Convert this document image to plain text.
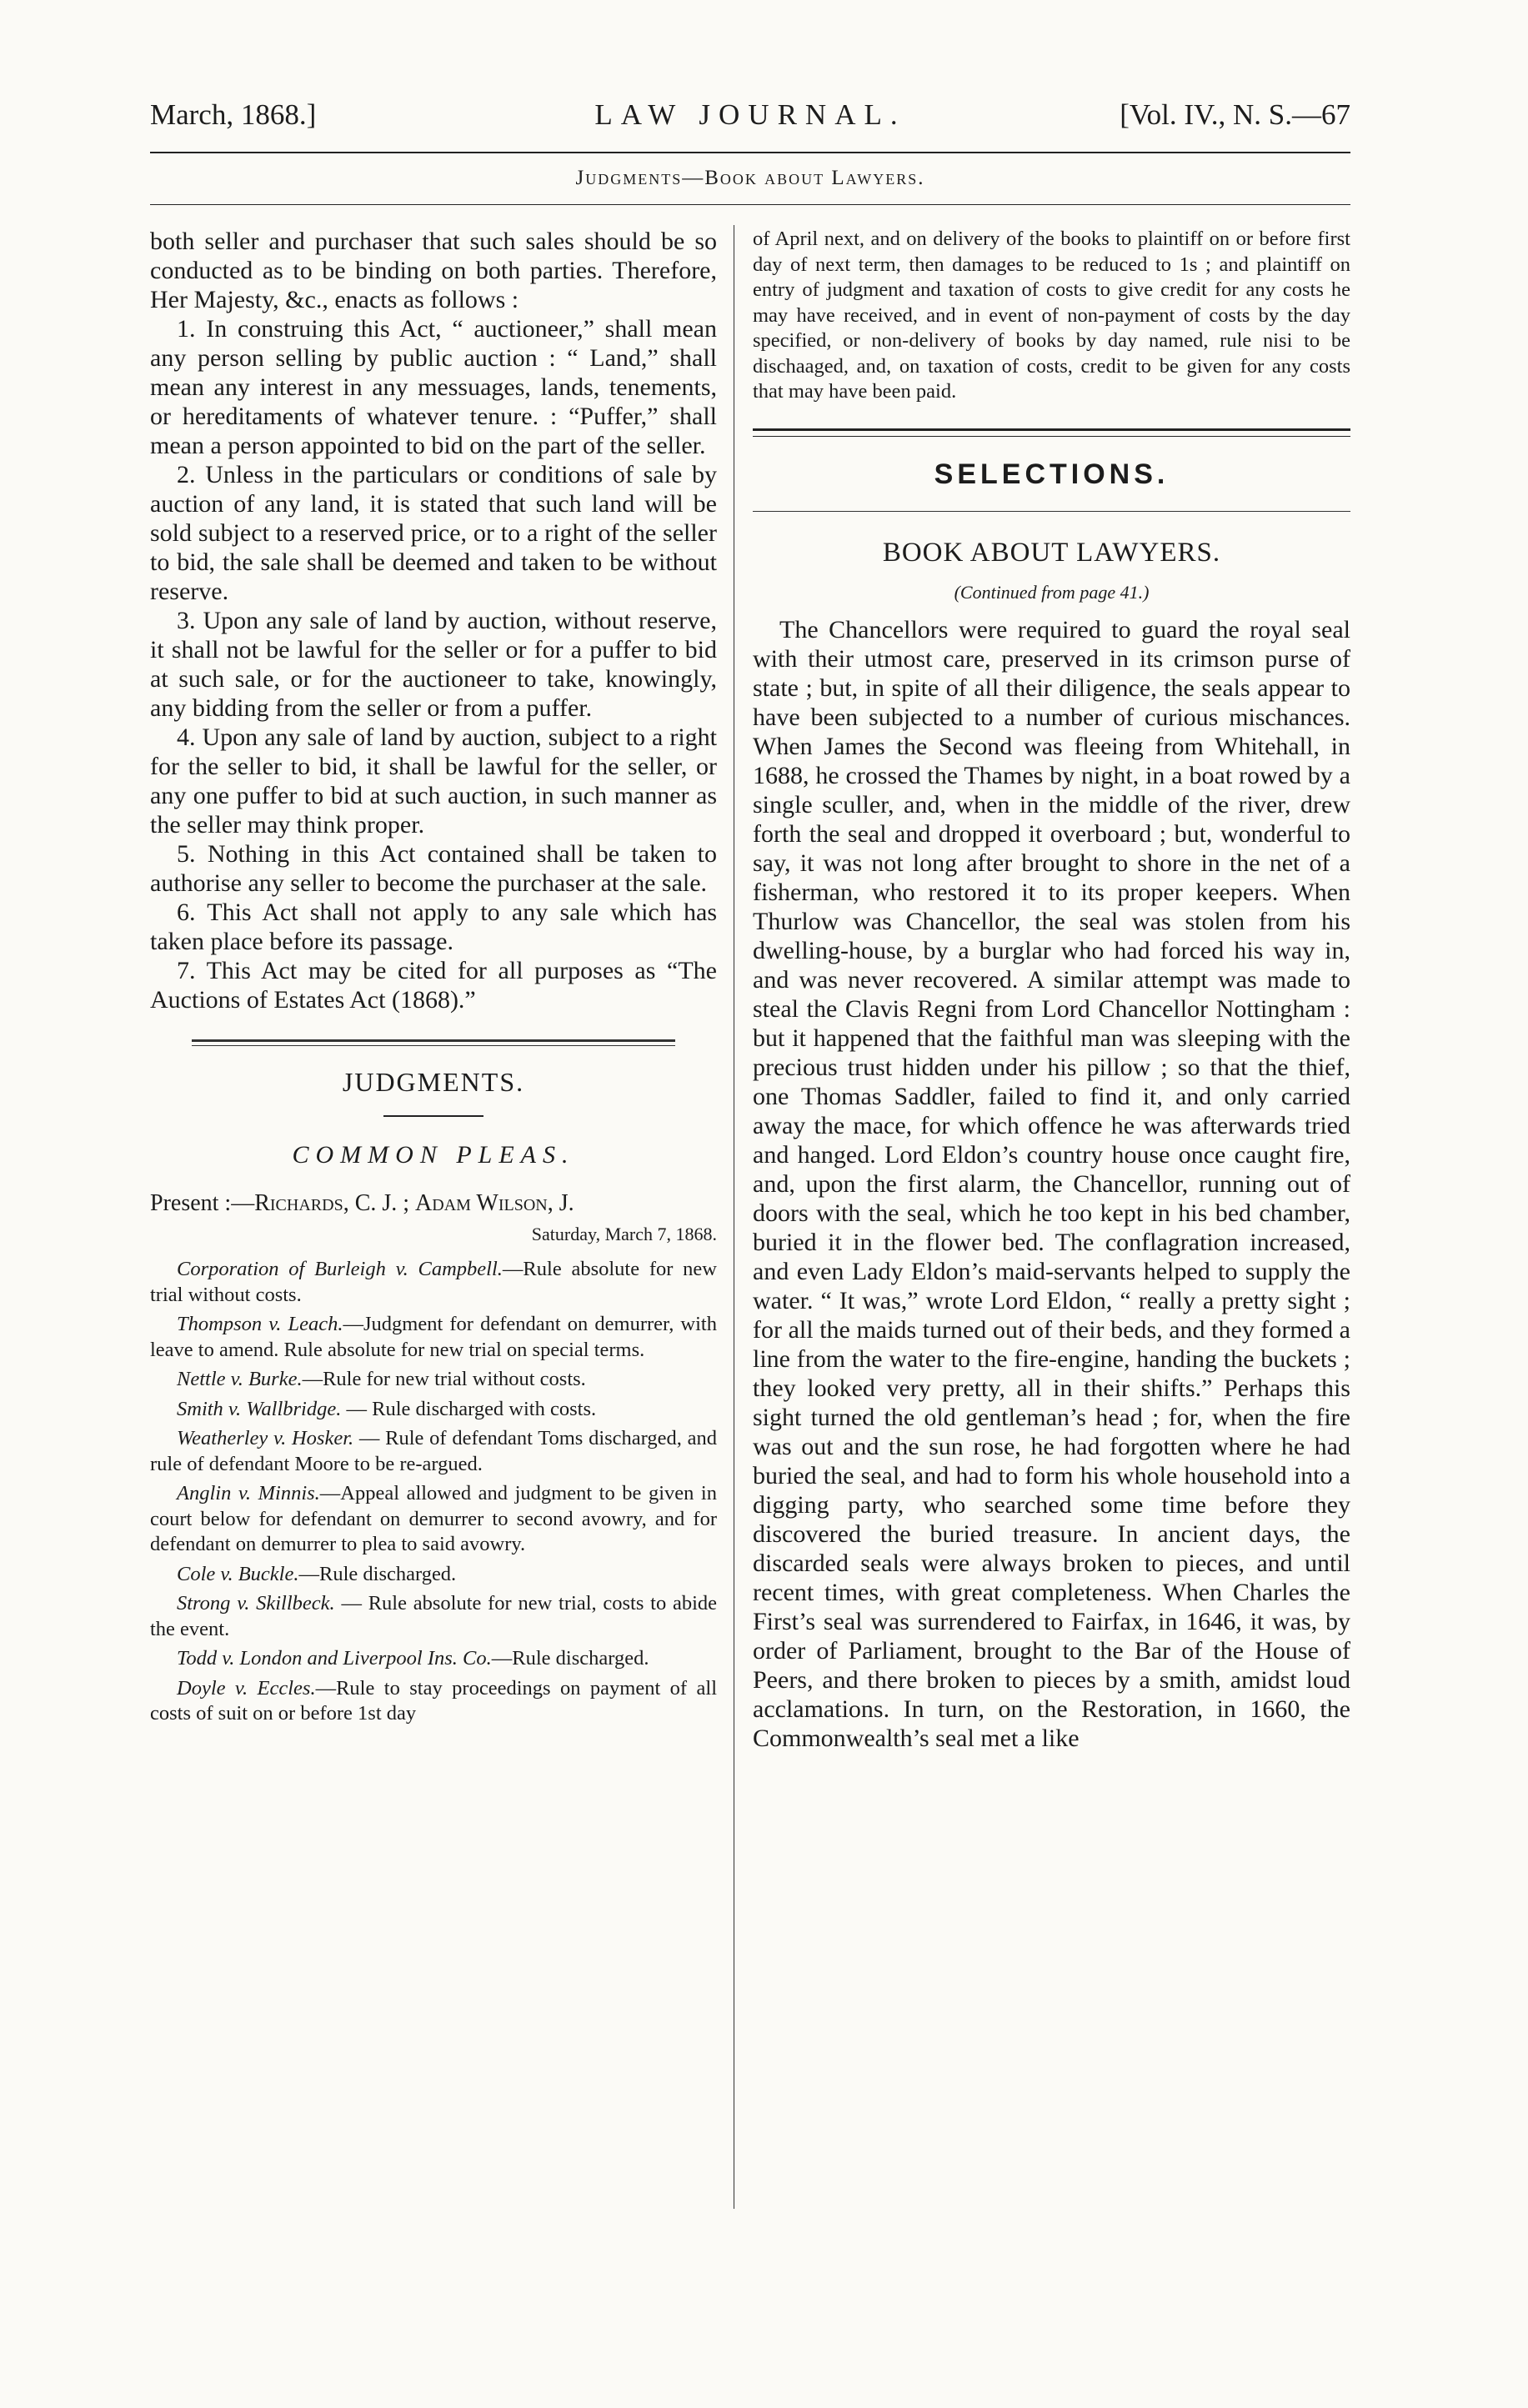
March, 1868.]	LAW JOURNAL.	[Vol. IV., N. S.—67
Judgments—Book about Lawyers.

both seller and purchaser that such sales should be so conducted as to be binding on both parties. Therefore, Her Majesty, &c., enacts as follows :

1. In construing this Act, “ auctioneer,” shall mean any person selling by public auction : “ Land,” shall mean any interest in any messuages, lands, tenements, or hereditaments of whatever tenure. : “Puffer,” shall mean a person appointed to bid on the part of the seller.

2. Unless in the particulars or conditions of sale by auction of any land, it is stated that such land will be sold subject to a reserved price, or to a right of the seller to bid, the sale shall be deemed and taken to be without reserve.

3. Upon any sale of land by auction, without reserve, it shall not be lawful for the seller or for a puffer to bid at such sale, or for the auctioneer to take, knowingly, any bidding from the seller or from a puffer.

4. Upon any sale of land by auction, subject to a right for the seller to bid, it shall be lawful for the seller, or any one puffer to bid at such auction, in such manner as the seller may think proper.

5. Nothing in this Act contained shall be taken to authorise any seller to become the purchaser at the sale.

6. This Act shall not apply to any sale which has taken place before its passage.

7. This Act may be cited for all purposes as “The Auctions of Estates Act (1868).”

JUDGMENTS.
COMMON PLEAS.

Present :—Richards, C. J. ; Adam Wilson, J.

Saturday, March 7, 1868.

Corporation of Burleigh v. Campbell.—Rule absolute for new trial without costs.

Thompson v. Leach.—Judgment for defendant on demurrer, with leave to amend. Rule absolute for new trial on special terms.

Nettle v. Burke.—Rule for new trial without costs.

Smith v. Wallbridge. — Rule discharged with costs.

Weatherley v. Hosker. — Rule of defendant Toms discharged, and rule of defendant Moore to be re-argued.

Anglin v. Minnis.—Appeal allowed and judgment to be given in court below for defendant on demurrer to second avowry, and for defendant on demurrer to plea to said avowry.

Cole v. Buckle.—Rule discharged.

Strong v. Skillbeck. — Rule absolute for new trial, costs to abide the event.

Todd v. London and Liverpool Ins. Co.—Rule discharged.

Doyle v. Eccles.—Rule to stay proceedings on payment of all costs of suit on or before 1st day

of April next, and on delivery of the books to plaintiff on or before first day of next term, then damages to be reduced to 1s ; and plaintiff on entry of judgment and taxation of costs to give credit for any costs he may have received, and in event of non-payment of costs by the day specified, or non-delivery of books by day named, rule nisi to be dischaaged, and, on taxation of costs, credit to be given for any costs that may have been paid.

SELECTIONS.
BOOK ABOUT LAWYERS.
(Continued from page 41.)

The Chancellors were required to guard the royal seal with their utmost care, preserved in its crimson purse of state ; but, in spite of all their diligence, the seals appear to have been subjected to a number of curious mischances. When James the Second was fleeing from Whitehall, in 1688, he crossed the Thames by night, in a boat rowed by a single sculler, and, when in the middle of the river, drew forth the seal and dropped it overboard ; but, wonderful to say, it was not long after brought to shore in the net of a fisherman, who restored it to its proper keepers. When Thurlow was Chancellor, the seal was stolen from his dwelling-house, by a burglar who had forced his way in, and was never recovered. A similar attempt was made to steal the Clavis Regni from Lord Chancellor Nottingham : but it happened that the faithful man was sleeping with the precious trust hidden under his pillow ; so that the thief, one Thomas Saddler, failed to find it, and only carried away the mace, for which offence he was afterwards tried and hanged. Lord Eldon’s country house once caught fire, and, upon the first alarm, the Chancellor, running out of doors with the seal, which he too kept in his bed chamber, buried it in the flower bed. The conflagration increased, and even Lady Eldon’s maid-servants helped to supply the water. “ It was,” wrote Lord Eldon, “ really a pretty sight ; for all the maids turned out of their beds, and they formed a line from the water to the fire-engine, handing the buckets ; they looked very pretty, all in their shifts.” Perhaps this sight turned the old gentleman’s head ; for, when the fire was out and the sun rose, he had forgotten where he had buried the seal, and had to form his whole household into a digging party, who searched some time before they discovered the buried treasure. In ancient days, the discarded seals were always broken to pieces, and until recent times, with great completeness. When Charles the First’s seal was surrendered to Fairfax, in 1646, it was, by order of Parliament, brought to the Bar of the House of Peers, and there broken to pieces by a smith, amidst loud acclamations. In turn, on the Restoration, in 1660, the Commonwealth’s seal met a like
